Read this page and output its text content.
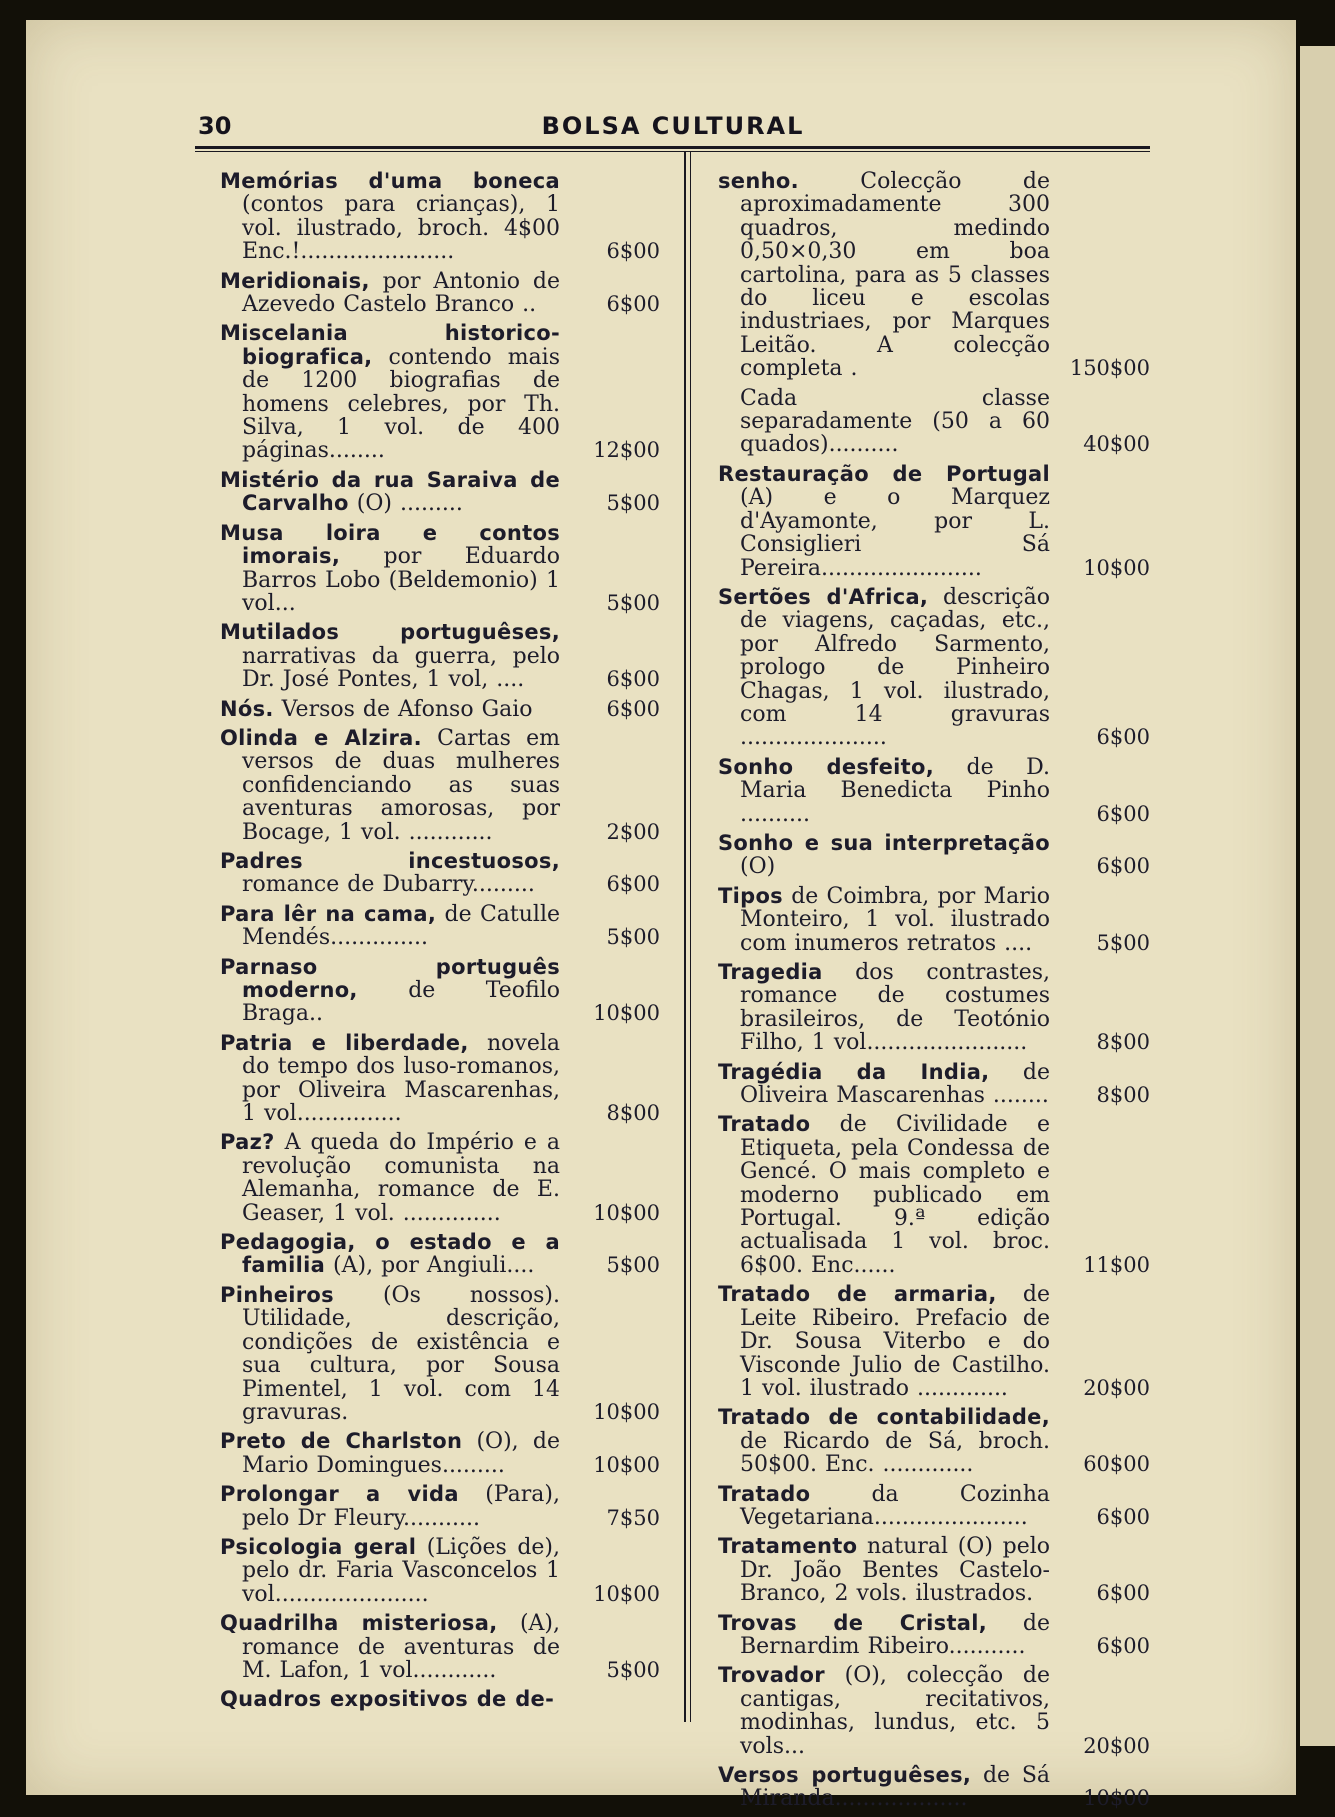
30	BOLSA CULTURAL
Memórias d'uma boneca (contos para crianças), 1 vol. ilustrado, broch. 4$00 Enc.!......................	6$00
Meridionais, por Antonio de Azevedo Castelo Branco ..	6$00
Miscelania historico-biografica, contendo mais de 1200 biografias de homens celebres, por Th. Silva, 1 vol. de 400 páginas........	12$00
Mistério da rua Saraiva de Carvalho (O) .........	5$00
Musa loira e contos imorais, por Eduardo Barros Lobo (Beldemonio) 1 vol...	5$00
Mutilados portuguêses, narrativas da guerra, pelo Dr. José Pontes, 1 vol, ....	6$00
Nós. Versos de Afonso Gaio	6$00
Olinda e Alzira. Cartas em versos de duas mulheres confidenciando as suas aventuras amorosas, por Bocage, 1 vol. ............	2$00
Padres incestuosos, romance de Dubarry.........	6$00
Para lêr na cama, de Catulle Mendés..............	5$00
Parnaso português moderno, de Teofilo Braga..	10$00
Patria e liberdade, novela do tempo dos luso-romanos, por Oliveira Mascarenhas, 1 vol...............	8$00
Paz? A queda do Império e a revolução comunista na Alemanha, romance de E. Geaser, 1 vol. ..............	10$00
Pedagogia, o estado e a familia (A), por Angiuli....	5$00
Pinheiros (Os nossos). Utilidade, descrição, condições de existência e sua cultura, por Sousa Pimentel, 1 vol. com 14 gravuras.	10$00
Preto de Charlston (O), de Mario Domingues.........	10$00
Prolongar a vida (Para), pelo Dr Fleury...........	7$50
Psicologia geral (Lições de), pelo dr. Faria Vasconcelos 1 vol......................	10$00
Quadrilha misteriosa, (A), romance de aventuras de M. Lafon, 1 vol............	5$00
Quadros expositivos de de-
senho. Colecção de aproximadamente 300 quadros, medindo 0,50×0,30 em boa cartolina, para as 5 classes do liceu e escolas industriaes, por Marques Leitão. A colecção completa .	150$00
Cada classe separadamente (50 a 60 quados)..........	40$00
Restauração de Portugal (A) e o Marquez d'Ayamonte, por L. Consiglieri Sá Pereira.......................	10$00
Sertões d'Africa, descrição de viagens, caçadas, etc., por Alfredo Sarmento, prologo de Pinheiro Chagas, 1 vol. ilustrado, com 14 gravuras .....................	6$00
Sonho desfeito, de D. Maria Benedicta Pinho ..........	6$00
Sonho e sua interpretação (O)	6$00
Tipos de Coimbra, por Mario Monteiro, 1 vol. ilustrado com inumeros retratos ....	5$00
Tragedia dos contrastes, romance de costumes brasileiros, de Teotónio Filho, 1 vol.......................	8$00
Tragédia da India, de Oliveira Mascarenhas ........ 8$00
Tratado de Civilidade e Etiqueta, pela Condessa de Gencé. O mais completo e moderno publicado em Portugal. 9.ª edição actualisada 1 vol. broc. 6$00. Enc......	11$00
Tratado de armaria, de Leite Ribeiro. Prefacio de Dr. Sousa Viterbo e do Visconde Julio de Castilho. 1 vol. ilustrado .............	20$00
Tratado de contabilidade, de Ricardo de Sá, broch. 50$00. Enc. .............	60$00
Tratado da Cozinha Vegetariana......................	6$00
Tratamento natural (O) pelo Dr. João Bentes Castelo-Branco, 2 vols. ilustrados.	6$00
Trovas de Cristal, de Bernardim Ribeiro...........	6$00
Trovador (O), colecção de cantigas, recitativos, modinhas, lundus, etc. 5 vols...	20$00
Versos portuguêses, de Sá Miranda...................	10$00
